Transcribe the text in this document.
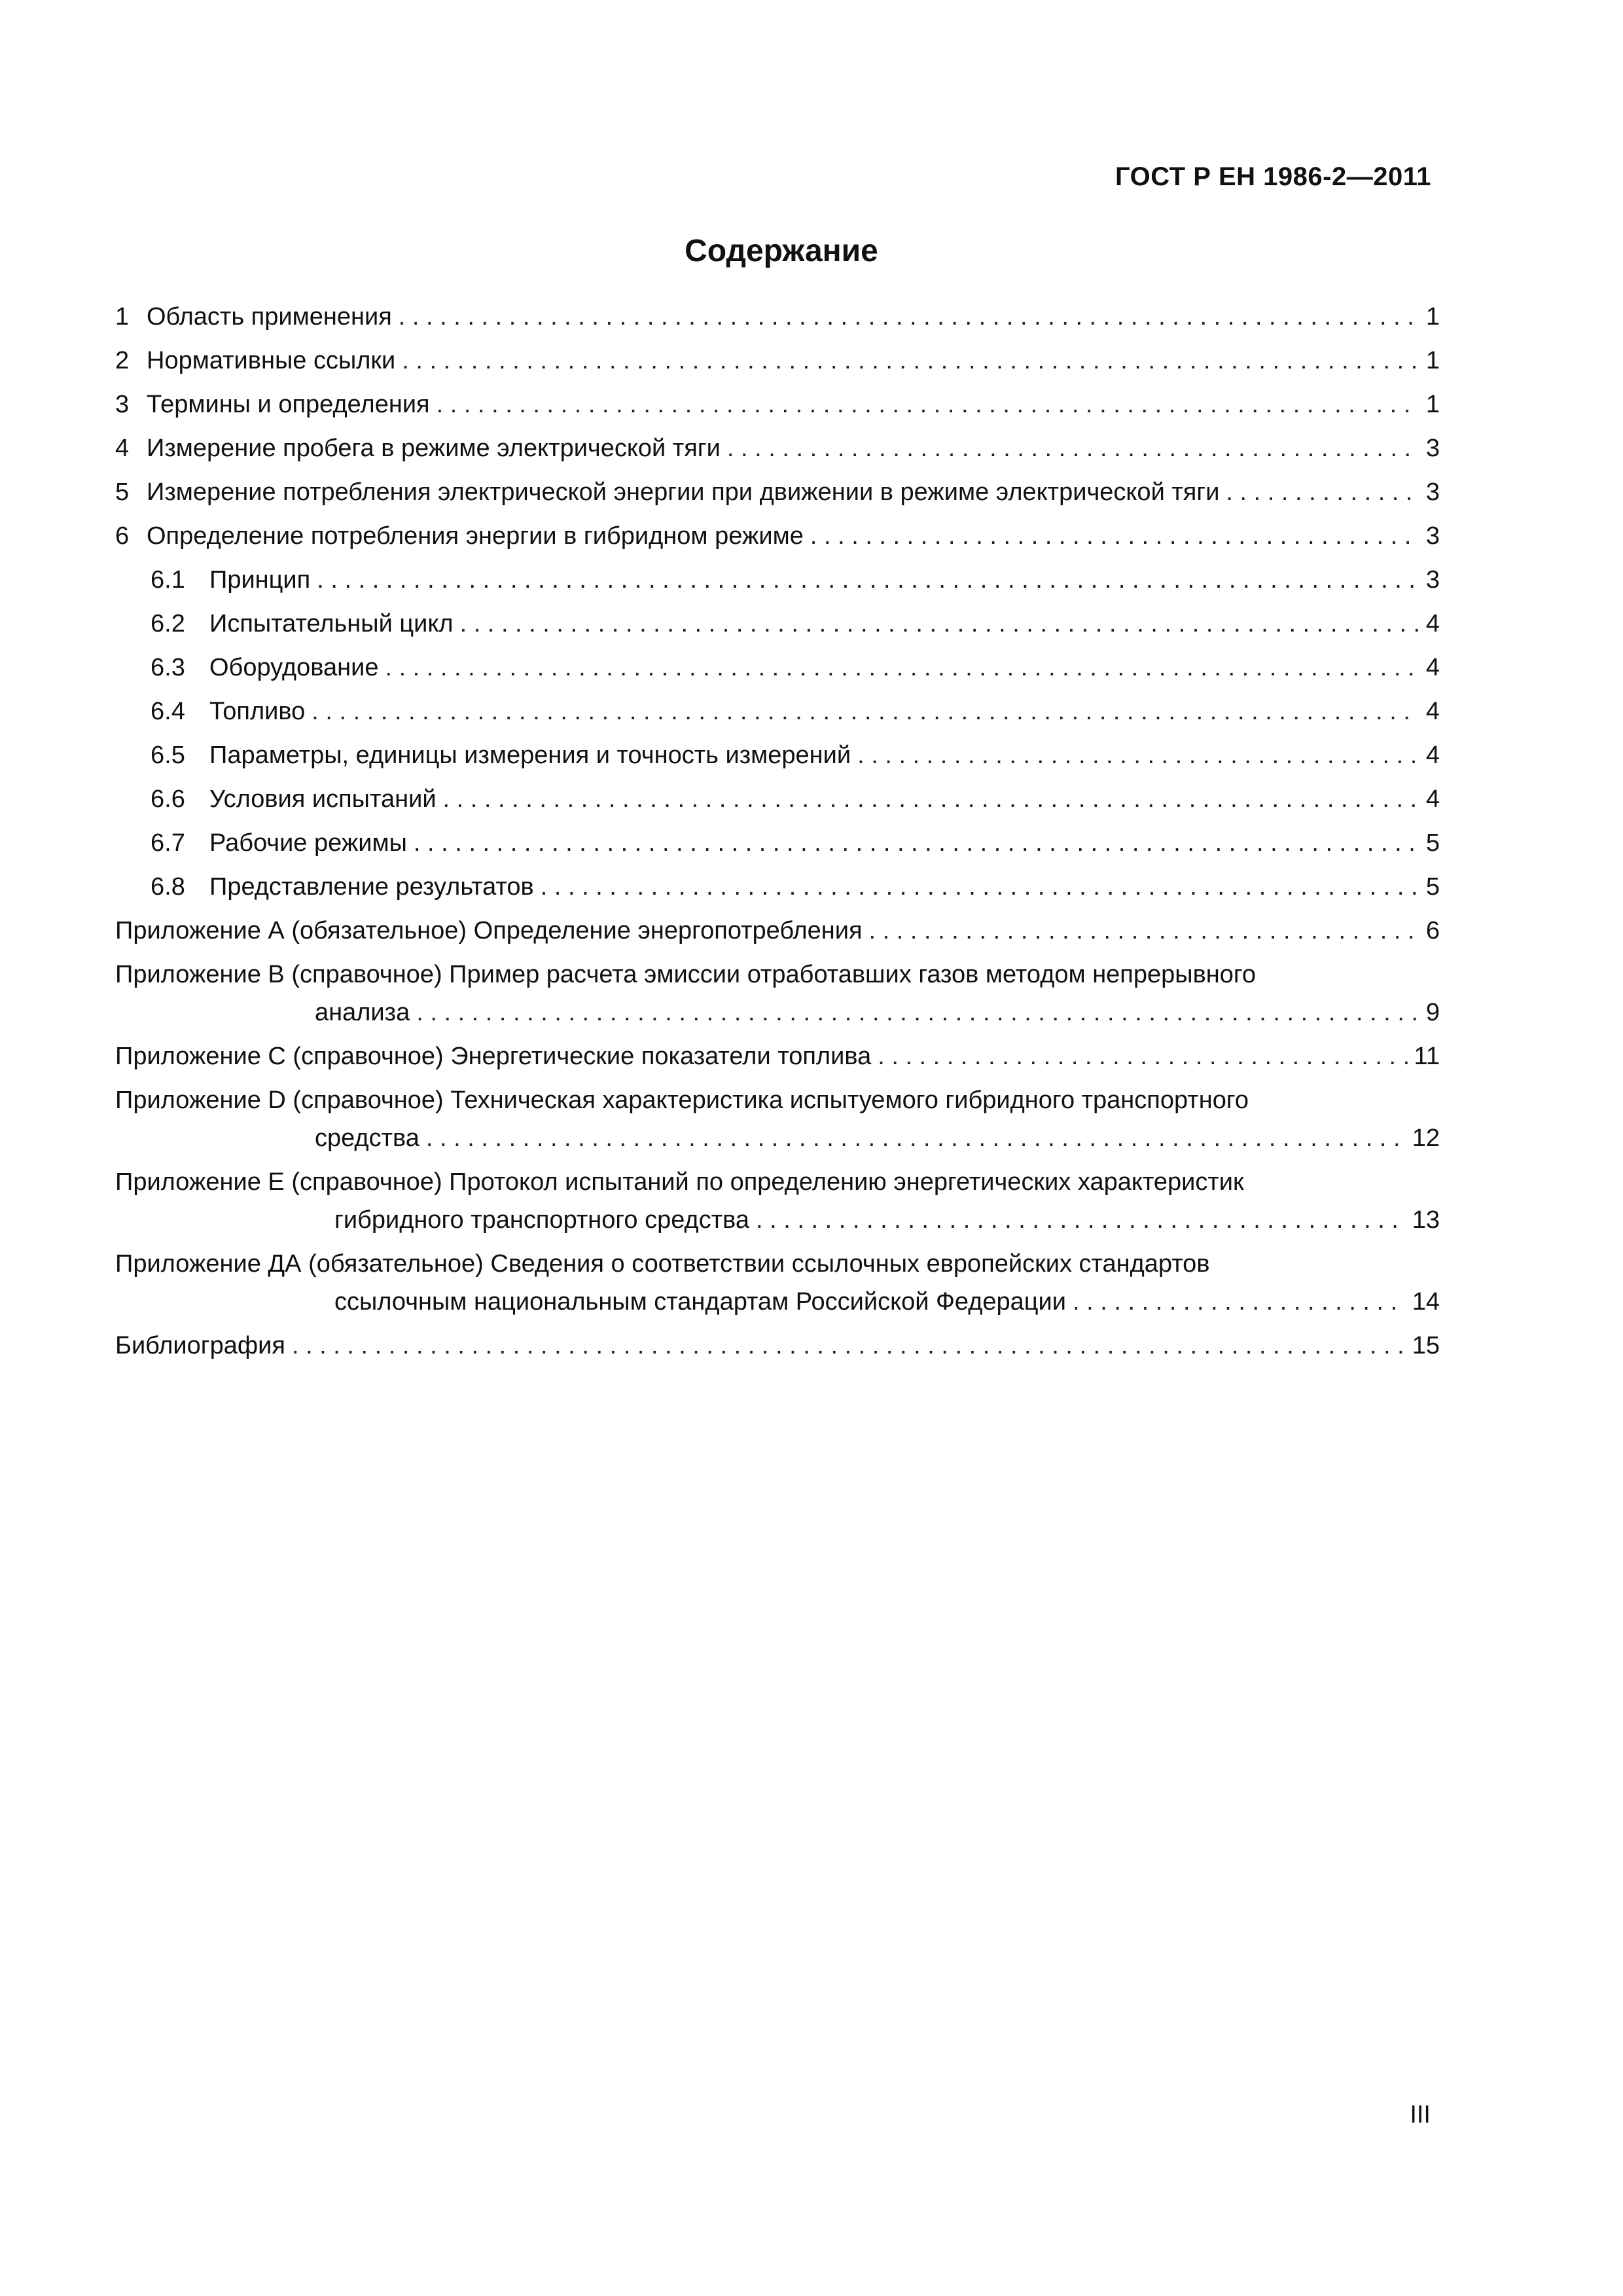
ГОСТ Р ЕН 1986-2—2011
Содержание
1 Область применения . . .	1
2 Нормативные ссылки . . .	1
3 Термины и определения . . .	1
4 Измерение пробега в режиме электрической тяги . . .	3
5 Измерение потребления электрической энергии при движении в режиме электрической тяги . . .	3
6 Определение потребления энергии в гибридном режиме . . .	3
6.1 Принцип . . .	3
6.2 Испытательный цикл . . .	4
6.3 Оборудование . . .	4
6.4 Топливо . . .	4
6.5 Параметры, единицы измерения и точность измерений . . .	4
6.6 Условия испытаний . . .	4
6.7 Рабочие режимы . . .	5
6.8 Представление результатов . . .	5
Приложение А (обязательное) Определение энергопотребления . . .	6
Приложение В (справочное) Пример расчета эмиссии отработавших газов методом непрерывного
анализа . . .	9
Приложение С (справочное) Энергетические показатели топлива . . .	11
Приложение D (справочное) Техническая характеристика испытуемого гибридного транспортного
средства . . .	12
Приложение Е (справочное) Протокол испытаний по определению энергетических характеристик
гибридного транспортного средства . . .	13
Приложение ДА (обязательное) Сведения о соответствии ссылочных европейских стандартов
ссылочным национальным стандартам Российской Федерации . . .	14
Библиография . . .	15
III
